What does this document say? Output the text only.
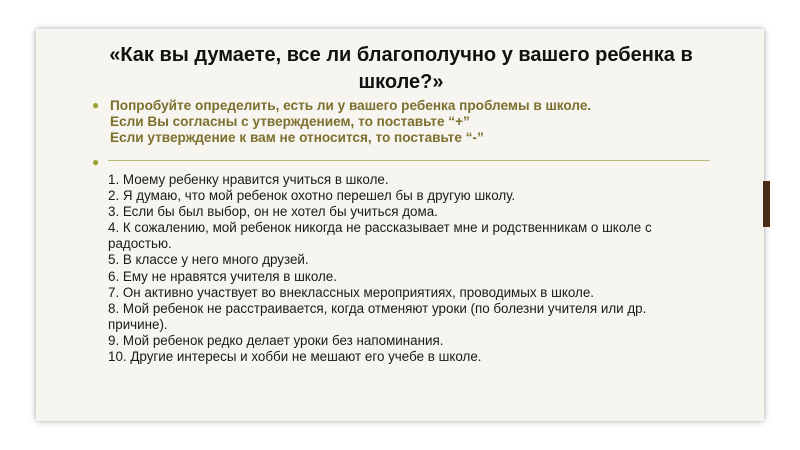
«Как вы думаете, все ли благополучно у вашего ребенка в школе?»
● Попробуйте определить, есть ли у вашего ребенка проблемы в школе.
Если Вы согласны с утверждением, то поставьте “+”
Если утверждение к вам не относится, то поставьте “-”
●
1. Моему ребенку нравится учиться в школе.
2. Я думаю, что мой ребенок охотно перешел бы в другую школу.
3. Если бы был выбор, он не хотел бы учиться дома.
4. К сожалению, мой ребенок никогда не рассказывает мне и родственникам о школе с радостью.
5. В классе у него много друзей.
6. Ему не нравятся учителя в школе.
7. Он активно участвует во внеклассных мероприятиях, проводимых в школе.
8. Мой ребенок не расстраивается, когда отменяют уроки (по болезни учителя или др. причине).
9. Мой ребенок редко делает уроки без напоминания.
10. Другие интересы и хобби не мешают его учебе в школе.
